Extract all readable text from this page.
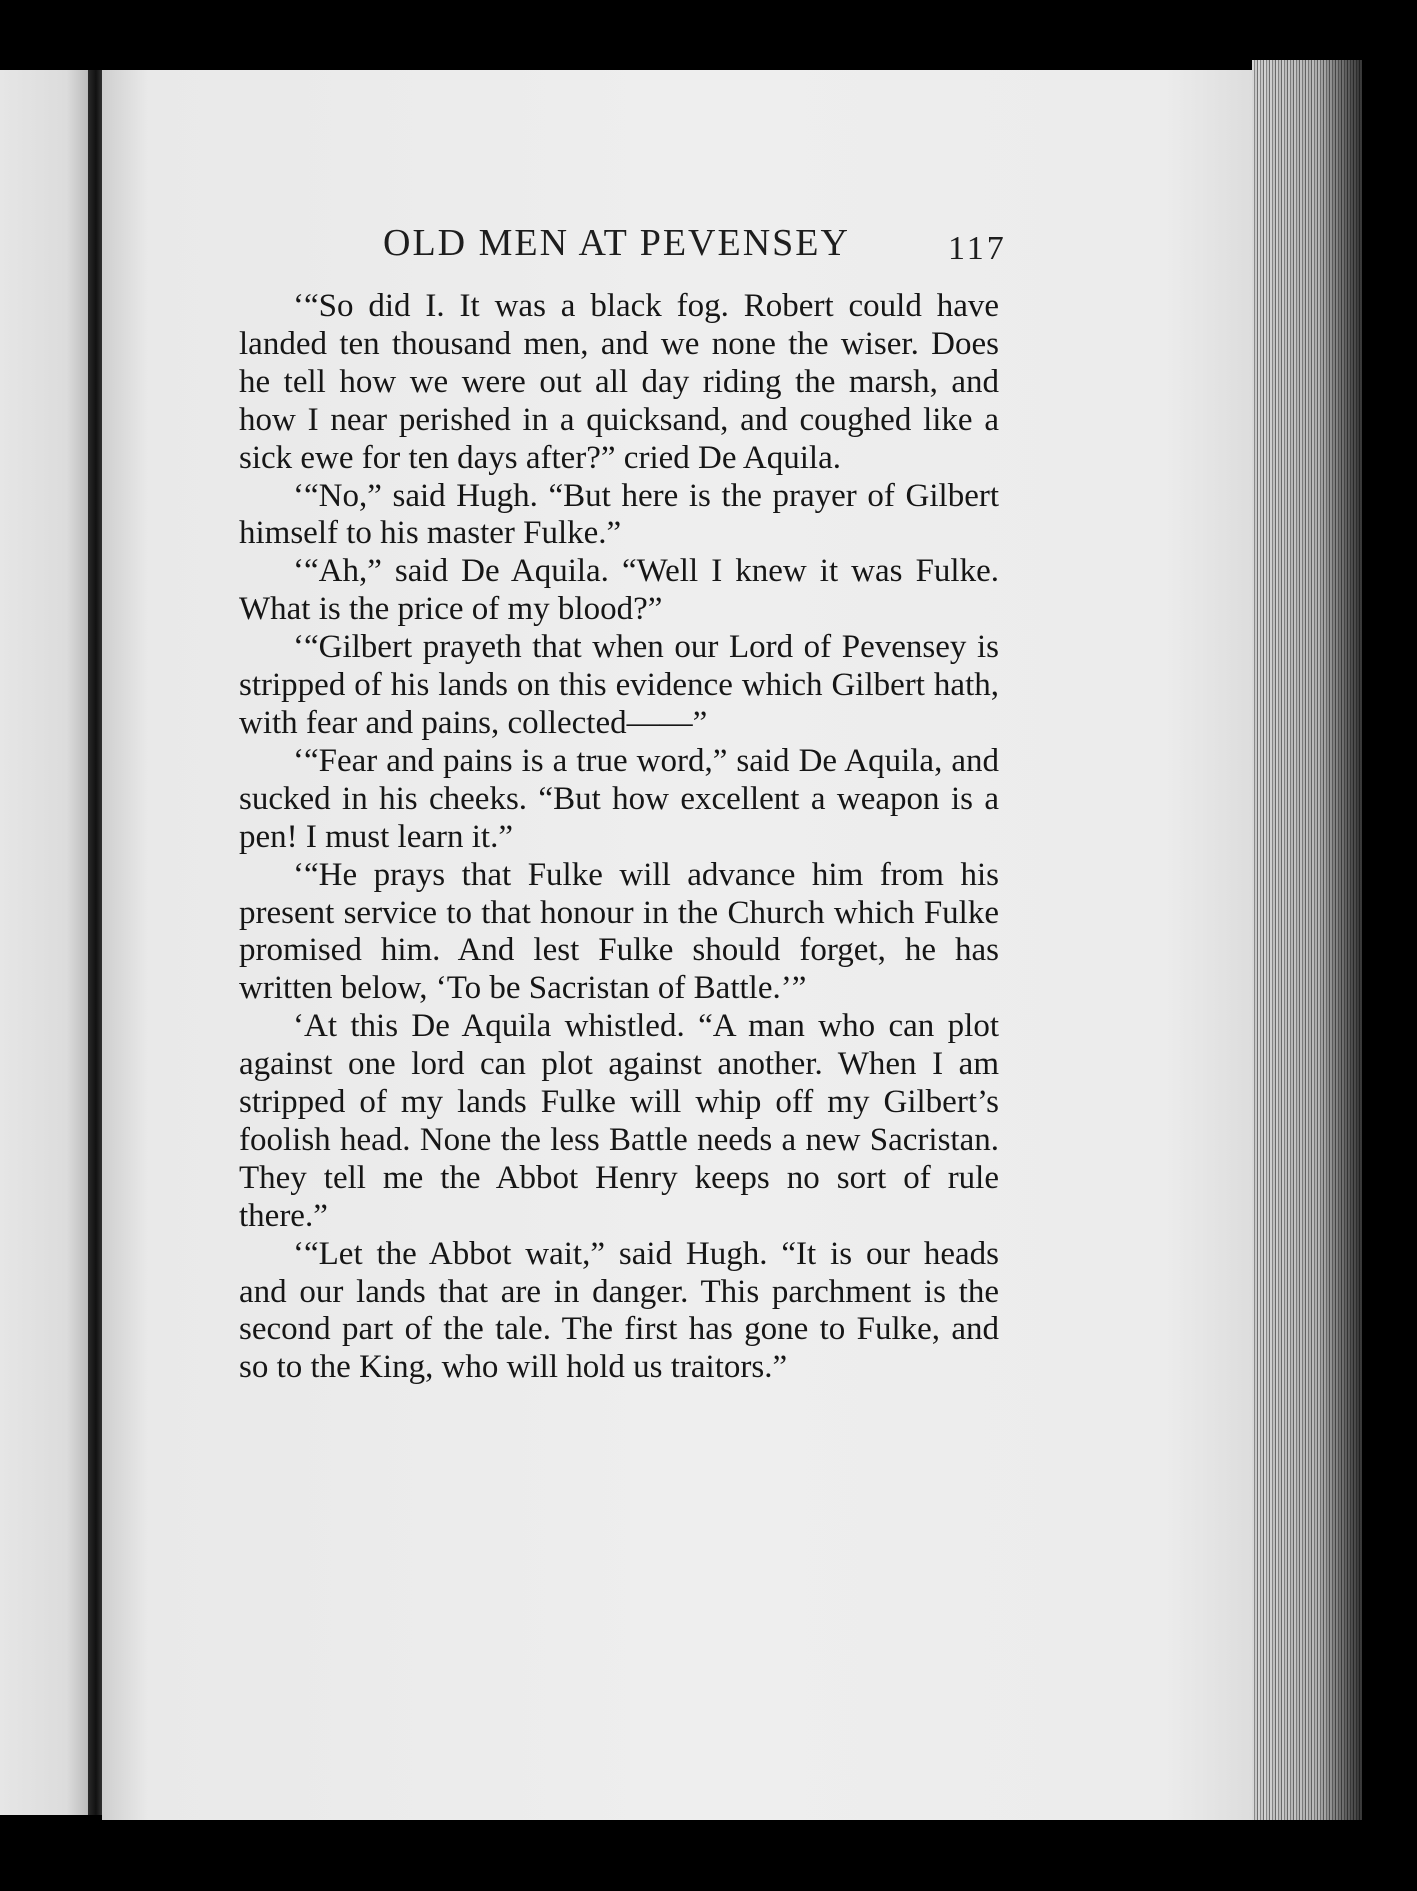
OLD MEN AT PEVENSEY	117

‘“So did I. It was a black fog. Robert could have landed ten thousand men, and we none the wiser. Does he tell how we were out all day riding the marsh, and how I near perished in a quicksand, and coughed like a sick ewe for ten days after?” cried De Aquila.

‘“No,” said Hugh. “But here is the prayer of Gilbert himself to his master Fulke.”

‘“Ah,” said De Aquila. “Well I knew it was Fulke. What is the price of my blood?”

‘“Gilbert prayeth that when our Lord of Pevensey is stripped of his lands on this evidence which Gilbert hath, with fear and pains, collected——”

‘“Fear and pains is a true word,” said De Aquila, and sucked in his cheeks. “But how excellent a weapon is a pen! I must learn it.”

‘“He prays that Fulke will advance him from his present service to that honour in the Church which Fulke promised him. And lest Fulke should forget, he has written below, ‘To be Sacristan of Battle.’”

‘At this De Aquila whistled. “A man who can plot against one lord can plot against another. When I am stripped of my lands Fulke will whip off my Gilbert’s foolish head. None the less Battle needs a new Sacristan. They tell me the Abbot Henry keeps no sort of rule there.”

‘“Let the Abbot wait,” said Hugh. “It is our heads and our lands that are in danger. This parchment is the second part of the tale. The first has gone to Fulke, and so to the King, who will hold us traitors.”
